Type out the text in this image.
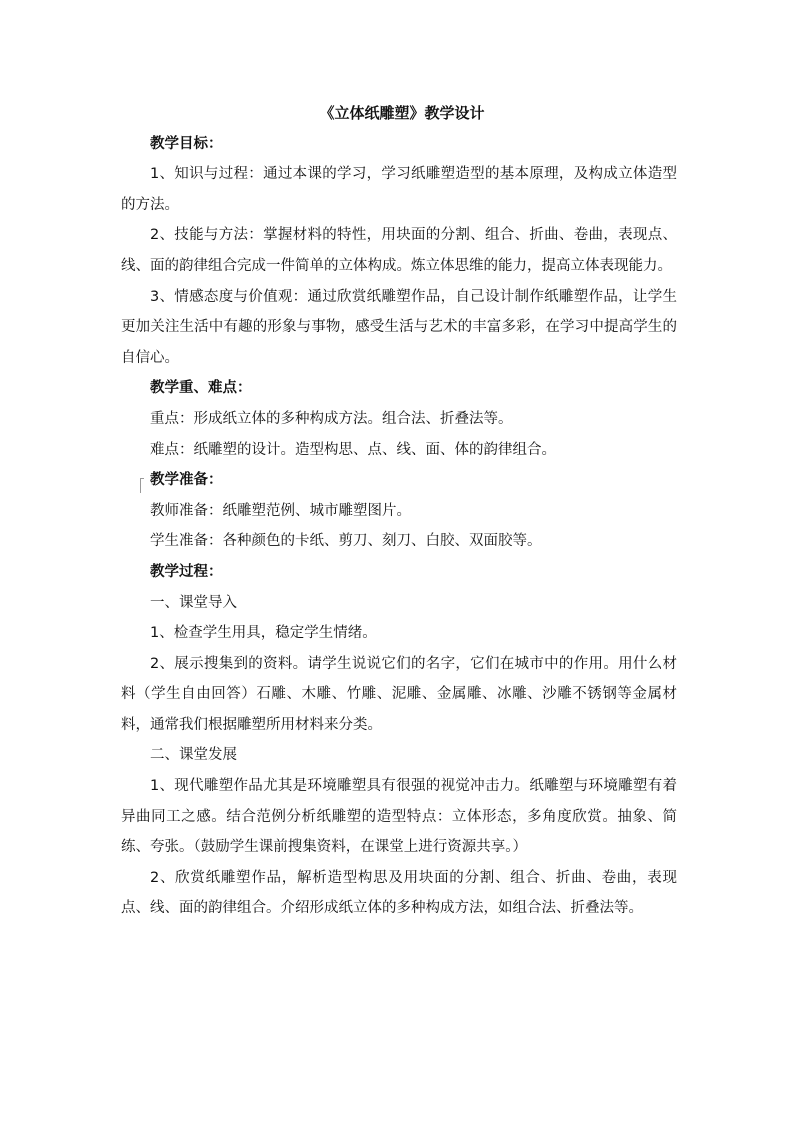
《立体纸雕塑》教学设计

教学目标：

1、知识与过程：通过本课的学习，学习纸雕塑造型的基本原理，及构成立体造型的方法。

2、技能与方法：掌握材料的特性，用块面的分割、组合、折曲、卷曲，表现点、线、面的韵律组合完成一件简单的立体构成。炼立体思维的能力，提高立体表现能力。

3、情感态度与价值观：通过欣赏纸雕塑作品，自己设计制作纸雕塑作品，让学生更加关注生活中有趣的形象与事物，感受生活与艺术的丰富多彩，在学习中提高学生的自信心。

教学重、难点：

重点：形成纸立体的多种构成方法。组合法、折叠法等。

难点：纸雕塑的设计。造型构思、点、线、面、体的韵律组合。

教学准备：

教师准备：纸雕塑范例、城市雕塑图片。

学生准备：各种颜色的卡纸、剪刀、刻刀、白胶、双面胶等。

教学过程：

一、课堂导入

1、检查学生用具，稳定学生情绪。

2、展示搜集到的资料。请学生说说它们的名字，它们在城市中的作用。用什么材料（学生自由回答）石雕、木雕、竹雕、泥雕、金属雕、冰雕、沙雕不锈钢等金属材料，通常我们根据雕塑所用材料来分类。

二、课堂发展

1、现代雕塑作品尤其是环境雕塑具有很强的视觉冲击力。纸雕塑与环境雕塑有着异曲同工之感。结合范例分析纸雕塑的造型特点：立体形态，多角度欣赏。抽象、简练、夸张。（鼓励学生课前搜集资料，在课堂上进行资源共享。）

2、欣赏纸雕塑作品，解析造型构思及用块面的分割、组合、折曲、卷曲，表现点、线、面的韵律组合。介绍形成纸立体的多种构成方法，如组合法、折叠法等。
